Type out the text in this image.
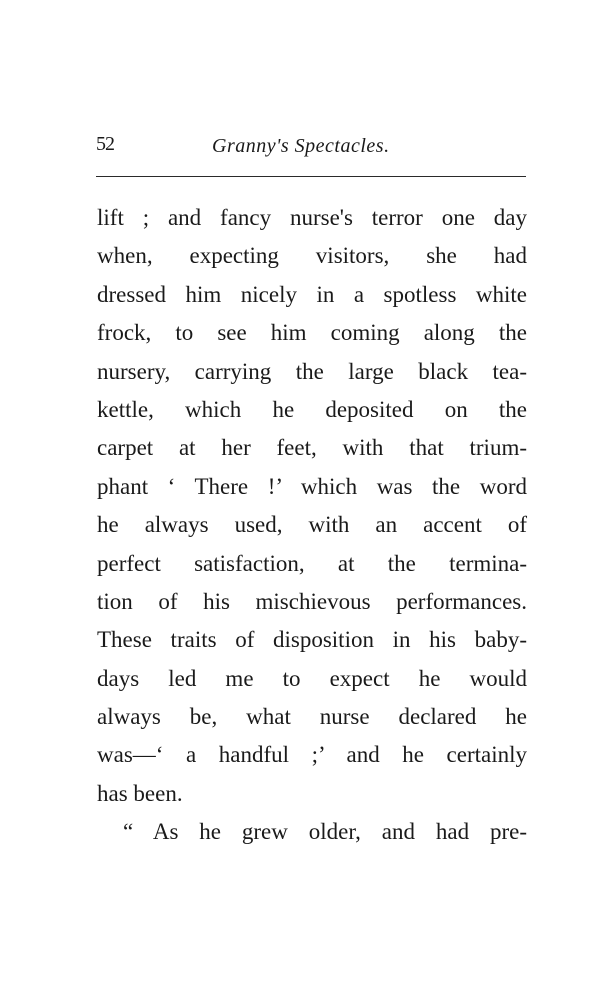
52	Granny's Spectacles.
lift ; and fancy nurse's terror one day
when, expecting visitors, she had
dressed him nicely in a spotless white
frock, to see him coming along the
nursery, carrying the large black tea-
kettle, which he deposited on the
carpet at her feet, with that trium-
phant ‘ There !’ which was the word
he always used, with an accent of
perfect satisfaction, at the termina-
tion of his mischievous performances.
These traits of disposition in his baby-
days led me to expect he would
always be, what nurse declared he
was—‘ a handful ;’ and he certainly
has been.
“ As he grew older, and had pre-
